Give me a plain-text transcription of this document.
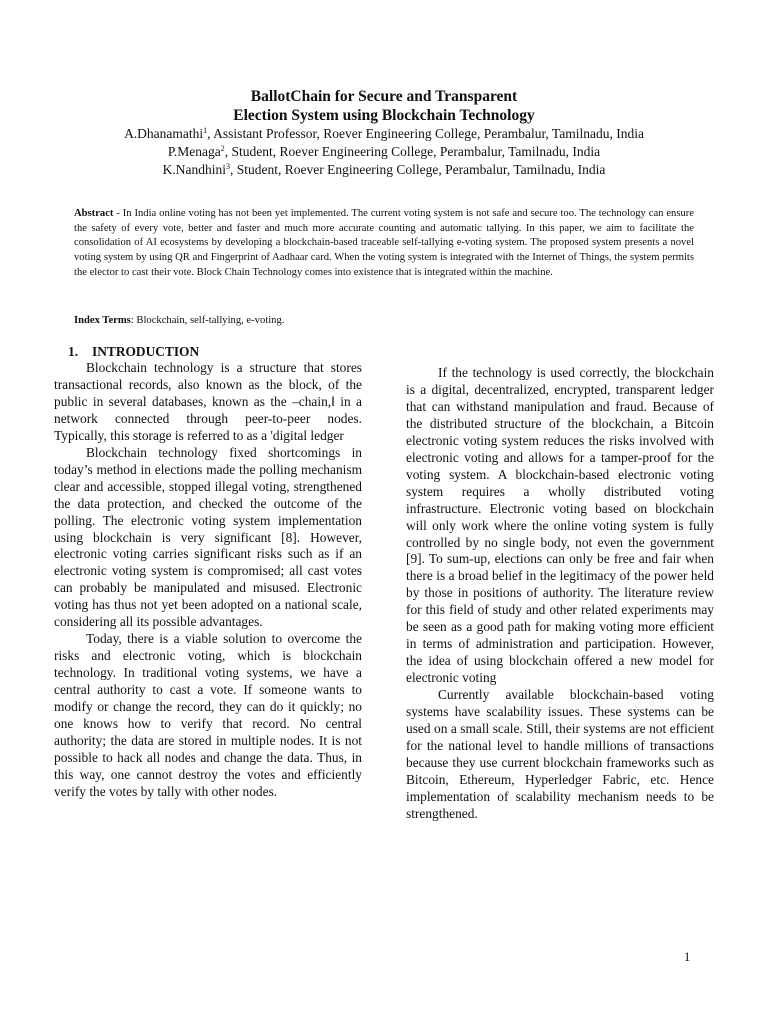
BallotChain for Secure and Transparent
Election System using Blockchain Technology
A.Dhanamathi$^1$, Assistant Professor, Roever Engineering College, Perambalur, Tamilnadu, India
P.Menaga$^2$, Student, Roever Engineering College, Perambalur, Tamilnadu, India
K.Nandhini$^3$, Student, Roever Engineering College, Perambalur, Tamilnadu, India

Abstract - In India online voting has not been yet implemented. The current voting system is not safe and secure too. The technology can ensure the safety of every vote, better and faster and much more accurate counting and automatic tallying. In this paper, we aim to facilitate the consolidation of AI ecosystems by developing a blockchain-based traceable self-tallying e-voting system. The proposed system presents a novel voting system by using QR and Fingerprint of Aadhaar card. When the voting system is integrated with the Internet of Things, the system permits the elector to cast their vote. Block Chain Technology comes into existence that is integrated within the machine.

Index Terms: Blockchain, self-tallying, e-voting.

1. INTRODUCTION

Blockchain technology is a structure that stores transactional records, also known as the block, of the public in several databases, known as the –chain,‖ in a network connected through peer-to-peer nodes. Typically, this storage is referred to as a 'digital ledger

Blockchain technology fixed shortcomings in today’s method in elections made the polling mechanism clear and accessible, stopped illegal voting, strengthened the data protection, and checked the outcome of the polling. The electronic voting system implementation using blockchain is very significant [8]. However, electronic voting carries significant risks such as if an electronic voting system is compromised; all cast votes can probably be manipulated and misused. Electronic voting has thus not yet been adopted on a national scale, considering all its possible advantages.

Today, there is a viable solution to overcome the risks and electronic voting, which is blockchain technology. In traditional voting systems, we have a central authority to cast a vote. If someone wants to modify or change the record, they can do it quickly; no one knows how to verify that record. No central authority; the data are stored in multiple nodes. It is not possible to hack all nodes and change the data. Thus, in this way, one cannot destroy the votes and efficiently verify the votes by tally with other nodes.

If the technology is used correctly, the blockchain is a digital, decentralized, encrypted, transparent ledger that can withstand manipulation and fraud. Because of the distributed structure of the blockchain, a Bitcoin electronic voting system reduces the risks involved with electronic voting and allows for a tamper-proof for the voting system. A blockchain-based electronic voting system requires a wholly distributed voting infrastructure. Electronic voting based on blockchain will only work where the online voting system is fully controlled by no single body, not even the government [9]. To sum-up, elections can only be free and fair when there is a broad belief in the legitimacy of the power held by those in positions of authority. The literature review for this field of study and other related experiments may be seen as a good path for making voting more efficient in terms of administration and participation. However, the idea of using blockchain offered a new model for electronic voting

Currently available blockchain-based voting systems have scalability issues. These systems can be used on a small scale. Still, their systems are not efficient for the national level to handle millions of transactions because they use current blockchain frameworks such as Bitcoin, Ethereum, Hyperledger Fabric, etc. Hence implementation of scalability mechanism needs to be strengthened.

1
